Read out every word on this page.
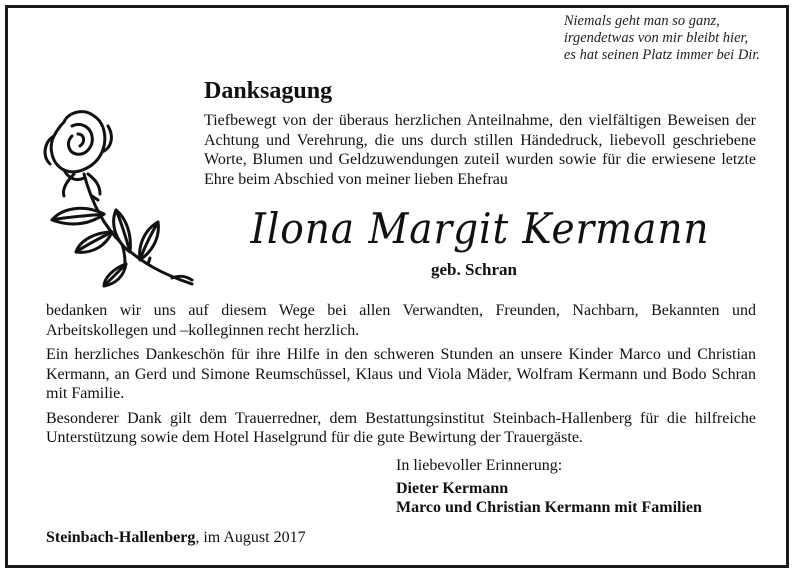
Niemals geht man so ganz,
irgendetwas von mir bleibt hier,
es hat seinen Platz immer bei Dir.
Danksagung
Tiefbewegt von der überaus herzlichen Anteilnahme, den vielfältigen Beweisen der Achtung und Verehrung, die uns durch stillen Händedruck, liebevoll geschriebene Worte, Blumen und Geldzuwendungen zuteil wurden sowie für die erwiesene letzte Ehre beim Abschied von meiner lieben Ehefrau
Ilona Margit Kermann
geb. Schran

bedanken wir uns auf diesem Wege bei allen Verwandten, Freunden, Nachbarn, Bekannten und Arbeitskollegen und –kolleginnen recht herzlich.

Ein herzliches Dankeschön für ihre Hilfe in den schweren Stunden an unsere Kinder Marco und Christian Kermann, an Gerd und Simone Reumschüssel, Klaus und Viola Mäder, Wolfram Kermann und Bodo Schran mit Familie.

Besonderer Dank gilt dem Trauerredner, dem Bestattungsinstitut Steinbach-Hallenberg für die hilfreiche Unterstützung sowie dem Hotel Haselgrund für die gute Bewirtung der Trauergäste.

In liebevoller Erinnerung:
Dieter Kermann
Marco und Christian Kermann mit Familien
Steinbach-Hallenberg, im August 2017
